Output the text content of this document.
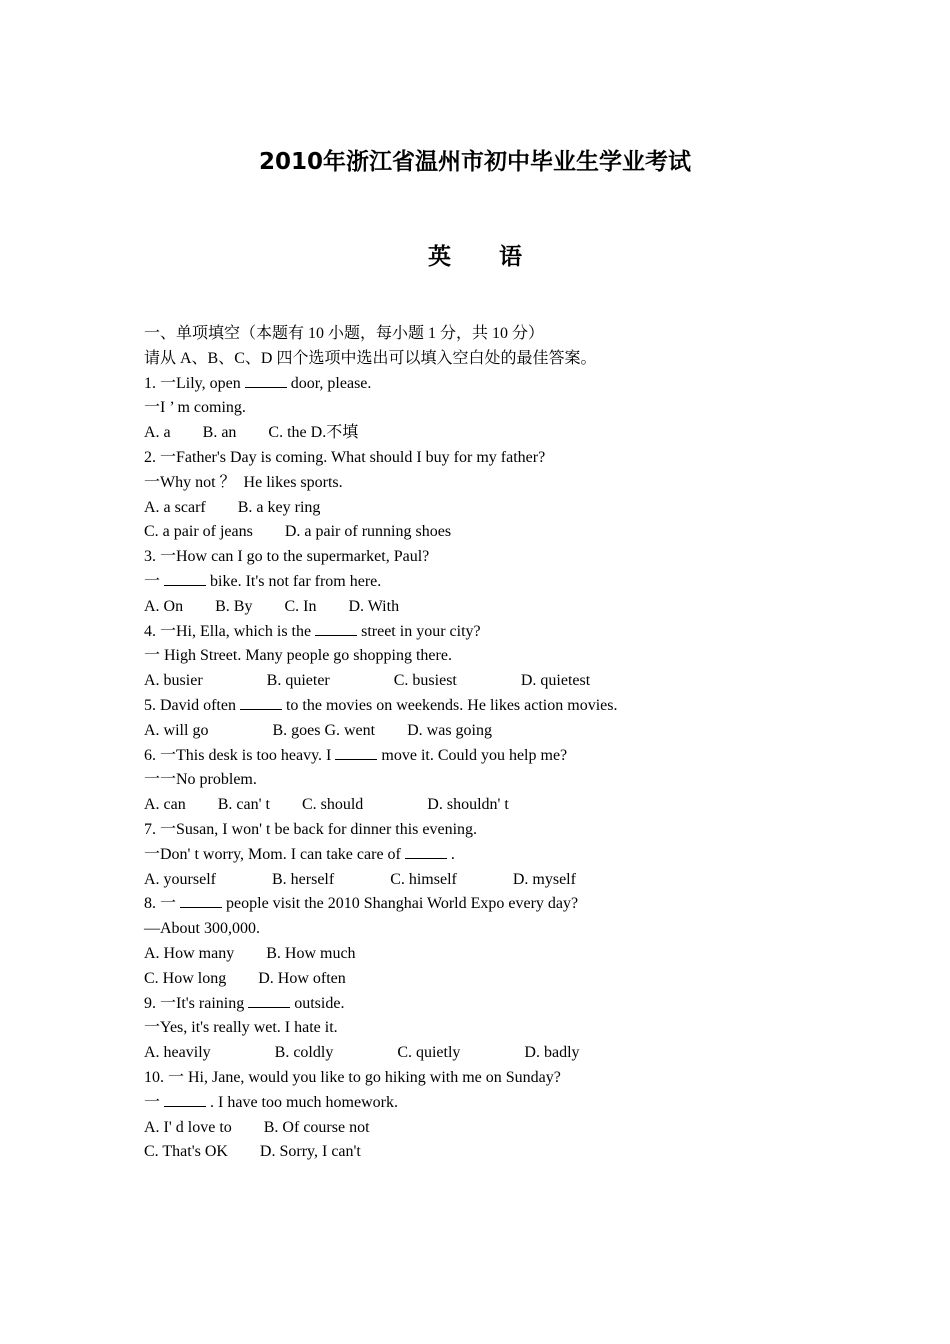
2010年浙江省温州市初中毕业生学业考试
英 语
一、单项填空（本题有 10 小题，每小题 1 分，共 10 分）
请从 A、B、C、D 四个选项中选出可以填入空白处的最佳答案。
1. 一Lily, open	door, please.
一I ’ m coming.
A. a        B. an        C. the D.不填
2. 一Father's Day is coming. What should I buy for my father?
一Why not ？  He likes sports.
A. a scarf        B. a key ring
C. a pair of jeans        D. a pair of running shoes
3. 一How can I go to the supermarket, Paul?
一	bike. It's not far from here.
A. On        B. By        C. In        D. With
4. 一Hi, Ella, which is the	street in your city?
一 High Street. Many people go shopping there.
A. busier                B. quieter                C. busiest                D. quietest
5. David often	to the movies on weekends. He likes action movies.
A. will go                B. goes G. went        D. was going
6. 一This desk is too heavy. I	move it. Could you help me?
一一No problem.
A. can        B. can' t        C. should                D. shouldn' t
7. 一Susan, I won' t be back for dinner this evening.
一Don' t worry, Mom. I can take care of	.
A. yourself              B. herself              C. himself              D. myself
8. 一	people visit the 2010 Shanghai World Expo every day?
—About 300,000.
A. How many        B. How much
C. How long        D. How often
9. 一It's raining	outside.
一Yes, it's really wet. I hate it.
A. heavily                B. coldly                C. quietly                D. badly
10. 一 Hi, Jane, would you like to go hiking with me on Sunday?
一	. I have too much homework.
A. I' d love to        B. Of course not
C. That's OK        D. Sorry, I can't
